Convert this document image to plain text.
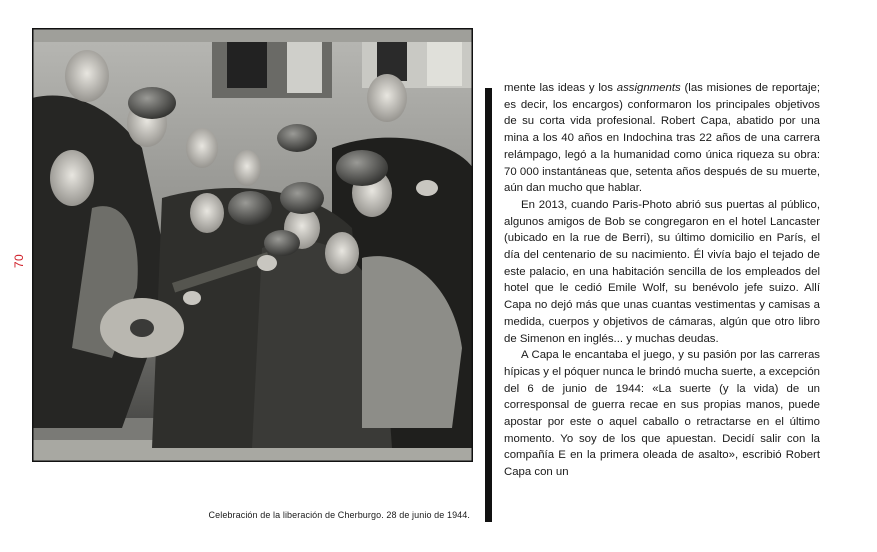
Celebración de la liberación de Cherburgo. 28 de junio de 1944.
70

mente las ideas y los assignments (las misiones de reportaje; es decir, los encargos) conformaron los principales objetivos de su corta vida profesional. Robert Capa, abatido por una mina a los 40 años en Indochina tras 22 años de una carrera relámpago, legó a la humanidad como única riqueza su obra: 70 000 instantáneas que, setenta años después de su muerte, aún dan mucho que hablar.

En 2013, cuando Paris-Photo abrió sus puertas al público, algunos amigos de Bob se congregaron en el hotel Lancaster (ubicado en la rue de Berri), su último domicilio en París, el día del centenario de su nacimiento. Él vivía bajo el tejado de este palacio, en una habitación sencilla de los empleados del hotel que le cedió Emile Wolf, su benévolo jefe suizo. Allí Capa no dejó más que unas cuantas vestimentas y camisas a medida, cuerpos y objetivos de cámaras, algún que otro libro de Simenon en inglés... y muchas deudas.

A Capa le encantaba el juego, y su pasión por las carreras hípicas y el póquer nunca le brindó mucha suerte, a excepción del 6 de junio de 1944: «La suerte (y la vida) de un corresponsal de guerra recae en sus propias manos, puede apostar por este o aquel caballo o retractarse en el último momento. Yo soy de los que apuestan. Decidí salir con la compañía E en la primera oleada de asalto», escribió Robert Capa con un
